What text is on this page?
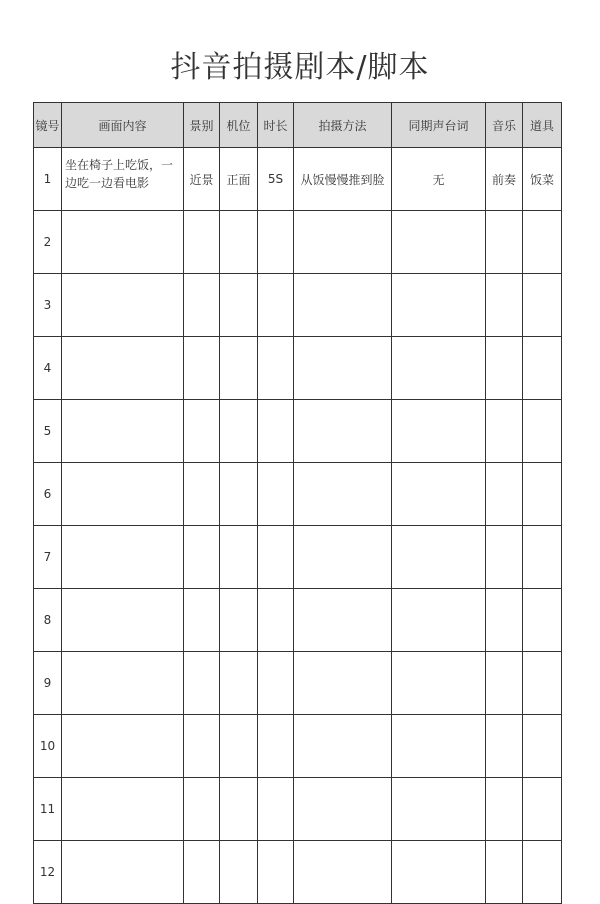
抖音拍摄剧本/脚本
镜号	画面内容	景别	机位	时长	拍摄方法	同期声台词	音乐	道具
1	坐在椅子上吃饭，一边吃一边看电影	近景	正面	5S	从饭慢慢推到脸	无	前奏	饭菜
2								
3								
4								
5								
6								
7								
8								
9								
10								
11								
12								
